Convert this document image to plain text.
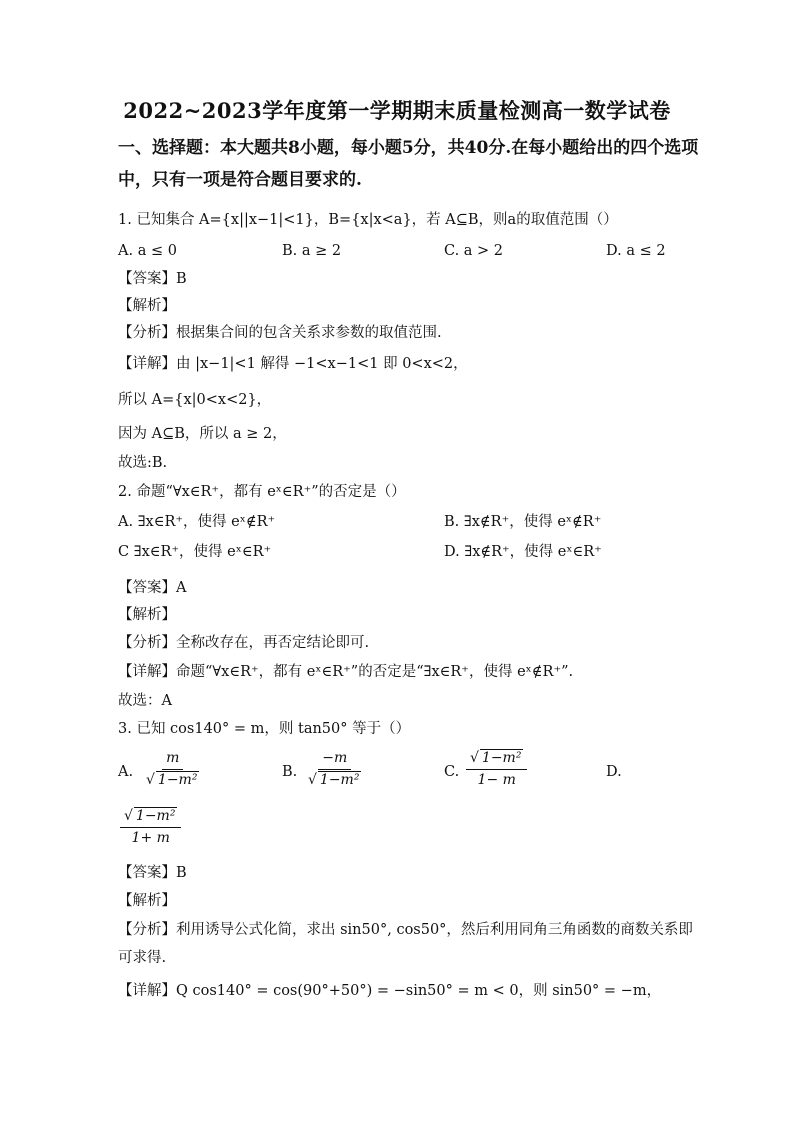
2022~2023学年度第一学期期末质量检测高一数学试卷
一、选择题：本大题共8小题，每小题5分，共40分.在每小题给出的四个选项
中，只有一项是符合题目要求的.
1. 已知集合 A={x||x−1|<1}，B={x|x<a}，若 A⊆B，则a的取值范围（）
A. a ≤ 0	B. a ≥ 2	C. a > 2	D. a ≤ 2
【答案】B
【解析】
【分析】根据集合间的包含关系求参数的取值范围.
【详解】由 |x−1|<1 解得 −1<x−1<1 即 0<x<2，
所以 A={x|0<x<2}，
因为 A⊆B，所以 a ≥ 2，
故选:B.
2. 命题“∀x∈R⁺，都有 eˣ∈R⁺”的否定是（）
A. ∃x∈R⁺，使得 eˣ∉R⁺	B. ∃x∉R⁺，使得 eˣ∉R⁺
C ∃x∈R⁺，使得 eˣ∈R⁺	D. ∃x∉R⁺，使得 eˣ∈R⁺
【答案】A
【解析】
【分析】全称改存在，再否定结论即可.
【详解】命题“∀x∈R⁺，都有 eˣ∈R⁺”的否定是“∃x∈R⁺，使得 eˣ∉R⁺”.
故选：A
3. 已知 cos140° = m，则 tan50° 等于（）
A. $\frac{m}{\text{√ 1−m²}}$	B. $\frac{-m}{\text{√ 1−m²}}$	C. $\frac{\text{√ 1−m²}}{1- m}$	D.
$\frac{\text{√ 1−m²}}{1+ m}$
【答案】B
【解析】
【分析】利用诱导公式化简，求出 sin50°, cos50°，然后利用同角三角函数的商数关系即
可求得.
【详解】Q cos140° = cos(90°+50°) = −sin50° = m < 0，则 sin50° = −m，
